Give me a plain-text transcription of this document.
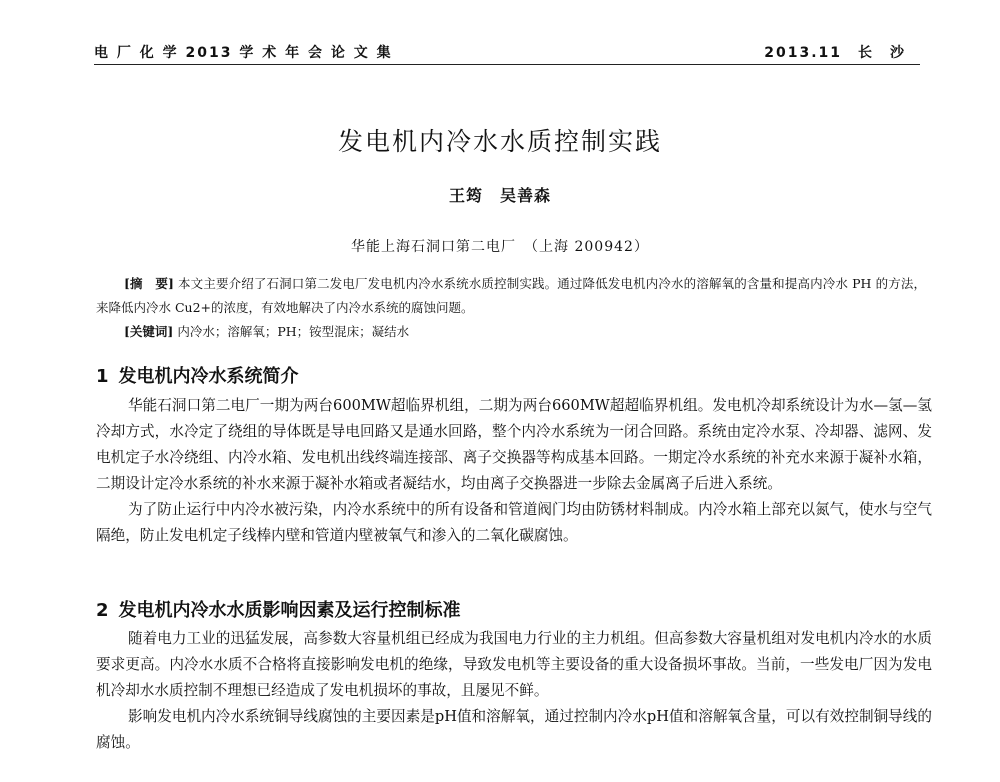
电 厂 化 学 2013 学 术 年 会 论 文 集	2013.11　长　沙
发电机内冷水水质控制实践
王筠　吴善森
华能上海石洞口第二电厂　（上海 200942）

[摘　要] 本文主要介绍了石洞口第二发电厂发电机内冷水系统水质控制实践。通过降低发电机内冷水的溶解氧的含量和提高内冷水 PH 的方法，来降低内冷水 Cu2+的浓度，有效地解决了内冷水系统的腐蚀问题。

[关键词] 内冷水；溶解氧；PH；铵型混床；凝结水

1 发电机内冷水系统简介

华能石洞口第二电厂一期为两台600MW超临界机组，二期为两台660MW超超临界机组。发电机冷却系统设计为水—氢—氢冷却方式，水冷定了绕组的导体既是导电回路又是通水回路，整个内冷水系统为一闭合回路。系统由定冷水泵、冷却器、滤网、发电机定子水冷绕组、内冷水箱、发电机出线终端连接部、离子交换器等构成基本回路。一期定冷水系统的补充水来源于凝补水箱，二期设计定冷水系统的补水来源于凝补水箱或者凝结水，均由离子交换器进一步除去金属离子后进入系统。

为了防止运行中内冷水被污染，内冷水系统中的所有设备和管道阀门均由防锈材料制成。内冷水箱上部充以氮气，使水与空气隔绝，防止发电机定子线棒内壁和管道内壁被氧气和渗入的二氧化碳腐蚀。

2 发电机内冷水水质影响因素及运行控制标准

随着电力工业的迅猛发展，高参数大容量机组已经成为我国电力行业的主力机组。但高参数大容量机组对发电机内冷水的水质要求更高。内冷水水质不合格将直接影响发电机的绝缘，导致发电机等主要设备的重大设备损坏事故。当前，一些发电厂因为发电机冷却水水质控制不理想已经造成了发电机损坏的事故，且屡见不鲜。

影响发电机内冷水系统铜导线腐蚀的主要因素是pH值和溶解氧，通过控制内冷水pH值和溶解氧含量，可以有效控制铜导线的腐蚀。
